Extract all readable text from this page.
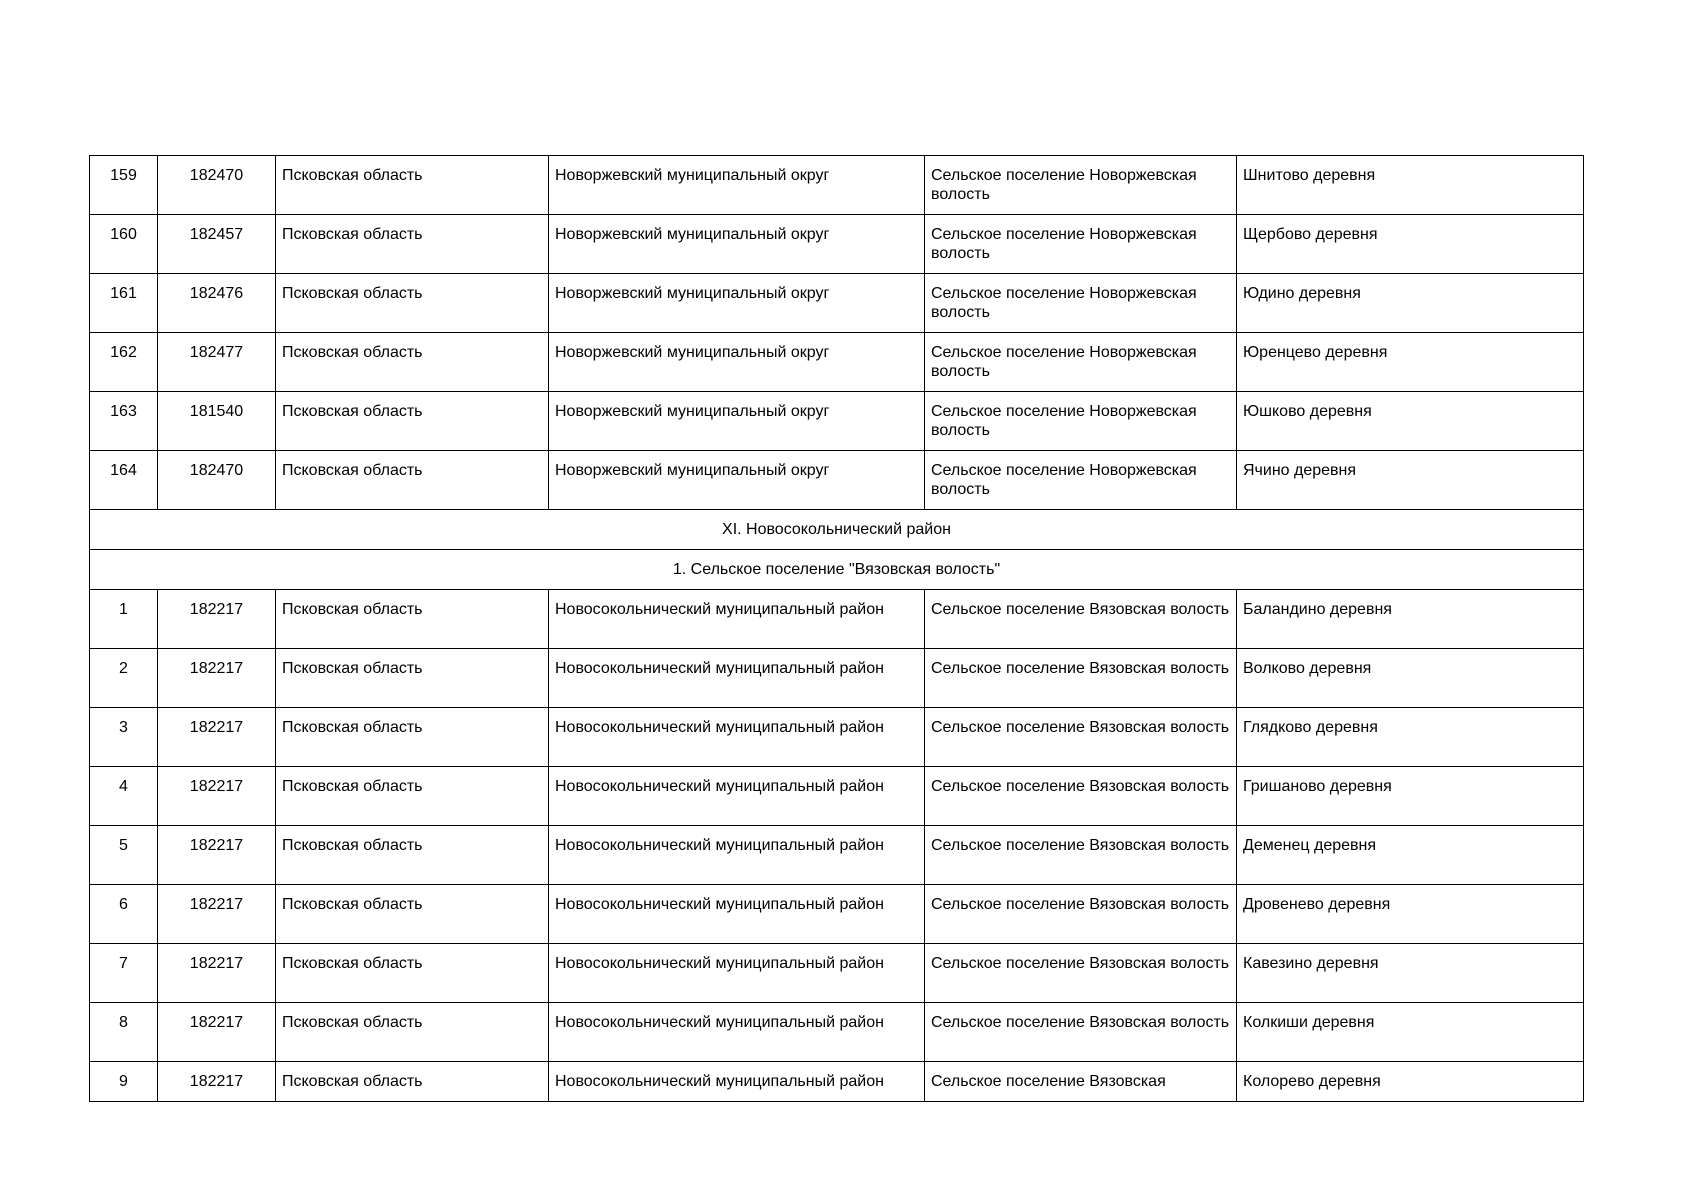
159	182470	Псковская область	Новоржевский муниципальный округ	Сельское поселение Новоржевская волость	Шнитово деревня
160	182457	Псковская область	Новоржевский муниципальный округ	Сельское поселение Новоржевская волость	Щербово деревня
161	182476	Псковская область	Новоржевский муниципальный округ	Сельское поселение Новоржевская волость	Юдино деревня
162	182477	Псковская область	Новоржевский муниципальный округ	Сельское поселение Новоржевская волость	Юренцево деревня
163	181540	Псковская область	Новоржевский муниципальный округ	Сельское поселение Новоржевская волость	Юшково деревня
164	182470	Псковская область	Новоржевский муниципальный округ	Сельское поселение Новоржевская волость	Ячино деревня
XI. Новосокольнический район					
1. Сельское поселение "Вязовская волость"					
1	182217	Псковская область	Новосокольнический муниципальный район	Сельское поселение Вязовская волость	Баландино деревня
2	182217	Псковская область	Новосокольнический муниципальный район	Сельское поселение Вязовская волость	Волково деревня
3	182217	Псковская область	Новосокольнический муниципальный район	Сельское поселение Вязовская волость	Глядково деревня
4	182217	Псковская область	Новосокольнический муниципальный район	Сельское поселение Вязовская волость	Гришаново деревня
5	182217	Псковская область	Новосокольнический муниципальный район	Сельское поселение Вязовская волость	Деменец деревня
6	182217	Псковская область	Новосокольнический муниципальный район	Сельское поселение Вязовская волость	Дровенево деревня
7	182217	Псковская область	Новосокольнический муниципальный район	Сельское поселение Вязовская волость	Кавезино деревня
8	182217	Псковская область	Новосокольнический муниципальный район	Сельское поселение Вязовская волость	Колкиши деревня
9	182217	Псковская область	Новосокольнический муниципальный район	Сельское поселение Вязовская	Колорево деревня
